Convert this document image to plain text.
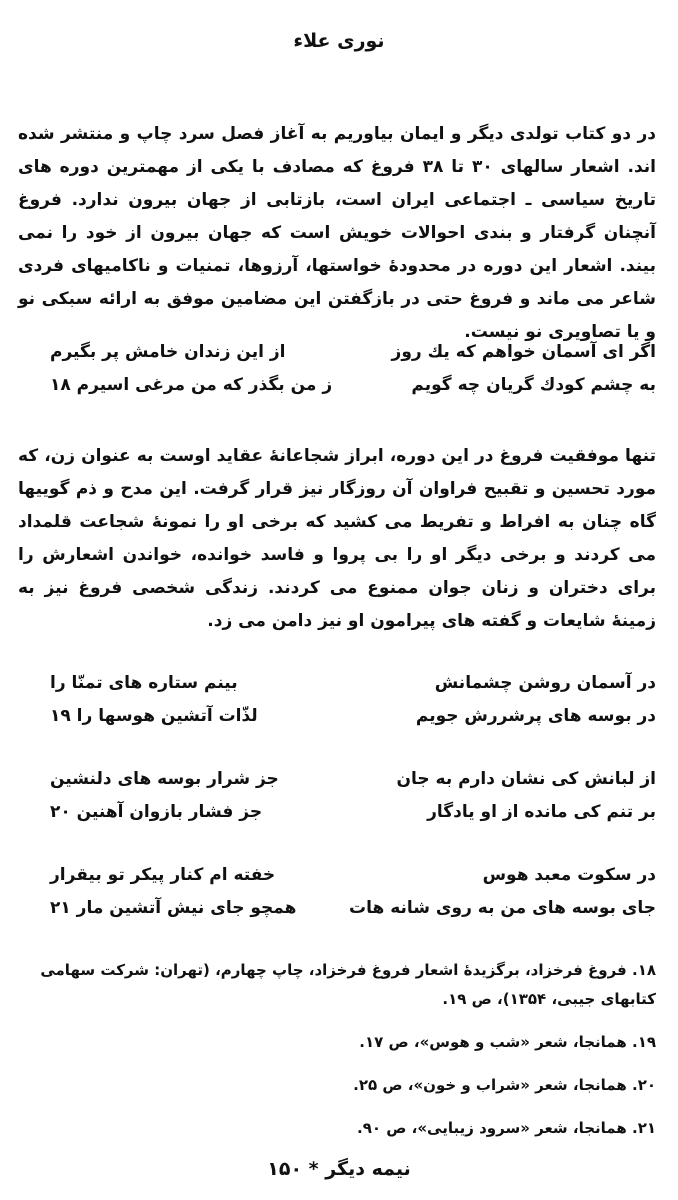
نوری علاء
در دو کتاب تولدی دیگر و ایمان بیاوریم به آغاز فصل سرد چاپ و منتشر شده اند. اشعار سالهای ۳۰ تا ۳۸ فروغ که مصادف با یکی از مهمترین دوره های تاریخ سیاسی ـ اجتماعی ایران است، بازتابی از جهان بیرون ندارد. فروغ آنچنان گرفتار و بندی احوالات خویش است که جهان بیرون از خود را نمی بیند. اشعار این دوره در محدودهٔ خواستها، آرزوها، تمنیات و ناکامیهای فردی شاعر می ماند و فروغ حتی در بازگفتن این مضامین موفق به ارائه سبکی نو و یا تصاویری نو نیست.
اگر ای آسمان خواهم که یك روز
از این زندان خامش پر بگیرم
به چشم کودك گریان چه گویم
ز من بگذر که من مرغی اسیرم ۱۸
تنها موفقیت فروغ در این دوره، ابراز شجاعانهٔ عقاید اوست به عنوان زن، که مورد تحسین و تقبیح فراوان آن روزگار نیز قرار گرفت. این مدح و ذم گوییها گاه چنان به افراط و تفریط می کشید که برخی او را نمونهٔ شجاعت قلمداد می کردند و برخی دیگر او را بی پروا و فاسد خوانده، خواندن اشعارش را برای دختران و زنان جوان ممنوع می کردند. زندگی شخصی فروغ نیز به زمینهٔ شایعات و گفته های پیرامون او نیز دامن می زد.
در آسمان روشن چشمانش
بینم ستاره های تمنّا را
در بوسه های پرشررش جویم
لذّات آتشین هوسها را ۱۹
از لبانش کی نشان دارم به جان
جز شرار بوسه های دلنشین
بر تنم کی مانده از او یادگار
جز فشار بازوان آهنین ۲۰
در سکوت معبد هوس
خفته ام کنار پیکر تو بیقرار
جای بوسه های من به روی شانه هات
همچو جای نیش آتشین مار ۲۱
۱۸. فروغ فرخزاد، برگزیدهٔ اشعار فروغ فرخزاد، چاپ چهارم، (تهران: شرکت سهامی کتابهای جیبی، ۱۳۵۴)، ص ۱۹.
۱۹. همانجا، شعر «شب و هوس»، ص ۱۷.
۲۰. همانجا، شعر «شراب و خون»، ص ۲۵.
۲۱. همانجا، شعر «سرود زیبایی»، ص ۹۰.
نیمه دیگر * ۱۵۰
